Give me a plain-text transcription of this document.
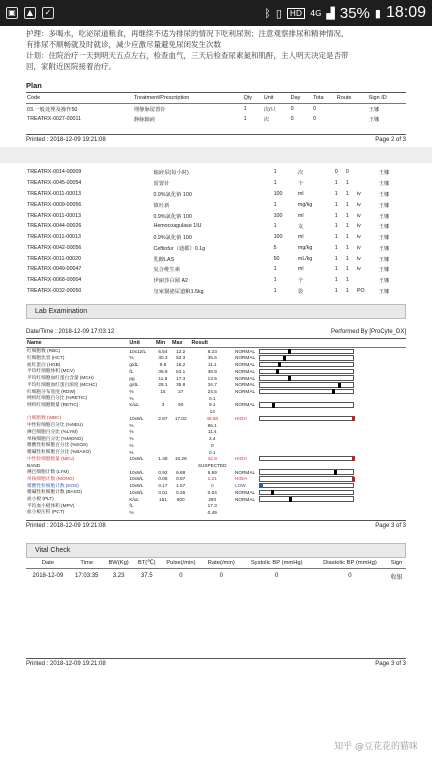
▣	▲	✓	ᛒ ▯	HD	4G ▟ 35% ▮ 18:09
护理：多喝水，吃泌尿道粮食，再继续不适为排尿的情况下吃利尿剂；注意观察排尿和精神情况，
有排尿不顺畅就及时就诊，减少应激尽量避免尿闭发生次数
计划：住院治疗一天到明天五点左右，检查血气，三天后检查尿素氮和肌酐，主人明天决定是否带
回，家附近医院接着治疗。
Plan
Code	Treatment/Prescription	Qty	Unit	Day	Tota	Route	Sign ID
03.一般处理及操作50	埋静脉留置针	1	次/只	0	0		王娜
TREATRX-0027-00011	静脉输液	1	次	0	0		王娜
Printed : 2018-12-09 19:21:08	Page 2 of 3
TREATRX-0014-00009	输液泵(每小时)	1	次	0	0		王娜
TREATRX-0045-00054	留置针	1	个	1	1		王娜
TREATRX-0011-00013	0.9%氯化钠 100	100	ml	1	1	iv	王娜
TREATRX-0009-00056	镇吐新	1	mg/kg	1	1	iv	王娜
TREATRX-0011-00013	0.9%氯化钠 100	100	ml	1	1	iv	王娜
TREATRX-0044-00026	Hemocoagulase 1IU	1	支	1	1	iv	王娜
TREATRX-0011-00013	0.9%氯化钠 100	100	ml	1	1	iv	王娜
TREATRX-0042-00056	Ceftiofur（迪都）0.1g	5	mg/kg	1	1	iv	王娜
TREATRX-0011-00020	乳酸LAS	50	mL/kg	1	1	iv	王娜
TREATRX-0049-00047	复合维生素	1	ml	1	1	iv	王娜
TREATRX-0068-00004	伊丽莎白圈 A2	1	个	1	1		王娜
TREATRX-0032-00050	皇家猫泌尿道粮1.5kg	1	袋	1	1	PO	王娜
Lab Examination
Date/Time : 2018-12-09 17:03:12	Performed By [ProCyte_DX]
Name	Unit	Min	Max	Result	
红细胞数 (RBC)	10x12/L	6.54	12.2	8.23	NORMAL

红细胞比容 (HCT)	%	30.3	52.3	35.6	NORMAL

血红蛋白 (HGB)	g/dL	9.8	16.2	11.1	NORMAL

平均红细胞体积 (MCV)	fL	35.9	53.1	38.9	NORMAL

平均红细胞血红蛋白含量 (MCH)	pg	11.8	17.3	13.5	NORMAL

平均红细胞血红蛋白浓度 (MCHC)	g/dL	28.1	35.8	34.7	NORMAL

红细胞分布宽度 (RDW)	%	15	27	24.5	NORMAL

网织红细胞百分比 (%RETIC)	%			0.1	

网织红细胞数量 (RETIC)	K/uL	3	50	9.1	NORMAL

				14	

白细胞数 (WBC)	10x9/L	2.87	17.02	49.50	HIGH

中性粒细胞百分比 (%NEU)	%			86.1	

淋巴细胞百分比 (%LYM)	%			11.4	

单核细胞百分比 (%MONO)	%			2.4	

嗜酸性粒细胞百分比 (%EOS)	%			0	

嗜碱性粒细胞百分比 (%BASO)	%			0.1	

中性粒细胞数量 (NEU)	10x9/L	1.48	10.29	42.9	HIGH

BAND				SUSPECTED	

淋巴细胞计数 (LYM)	10x9/L	0.92	6.88	5.69	NORMAL

单核细胞计数 (MONO)	10x9/L	0.05	0.67	1.21	HIGH

嗜酸性粒细胞计数 (EOS)	10x9/L	0.17	1.57	0	LOW

嗜碱性粒细胞计数 (BASO)	10x9/L	0.01	0.26	0.04	NORMAL

血小板 (PLT)	K/uL	151	600	293	NORMAL

平均血小板体积 (MPV)	fL			17.3	

血小板压积 (PCT)	%			0.49	
Printed : 2018-12-09 19:21:08	Page 3 of 3
Vital Check
Date	Time	BW(Kg)	BT(℃)	Pulse(/min)	Rate(/min)	Systolic BP (mmHg)	Diastolic BP (mmHg)	Sign
2018-12-09	17:03:35	3.23	37.5	0	0	0	0	收银
Printed : 2018-12-09 19:21:08	Page 3 of 3
知乎 @豆花花的猫咪
